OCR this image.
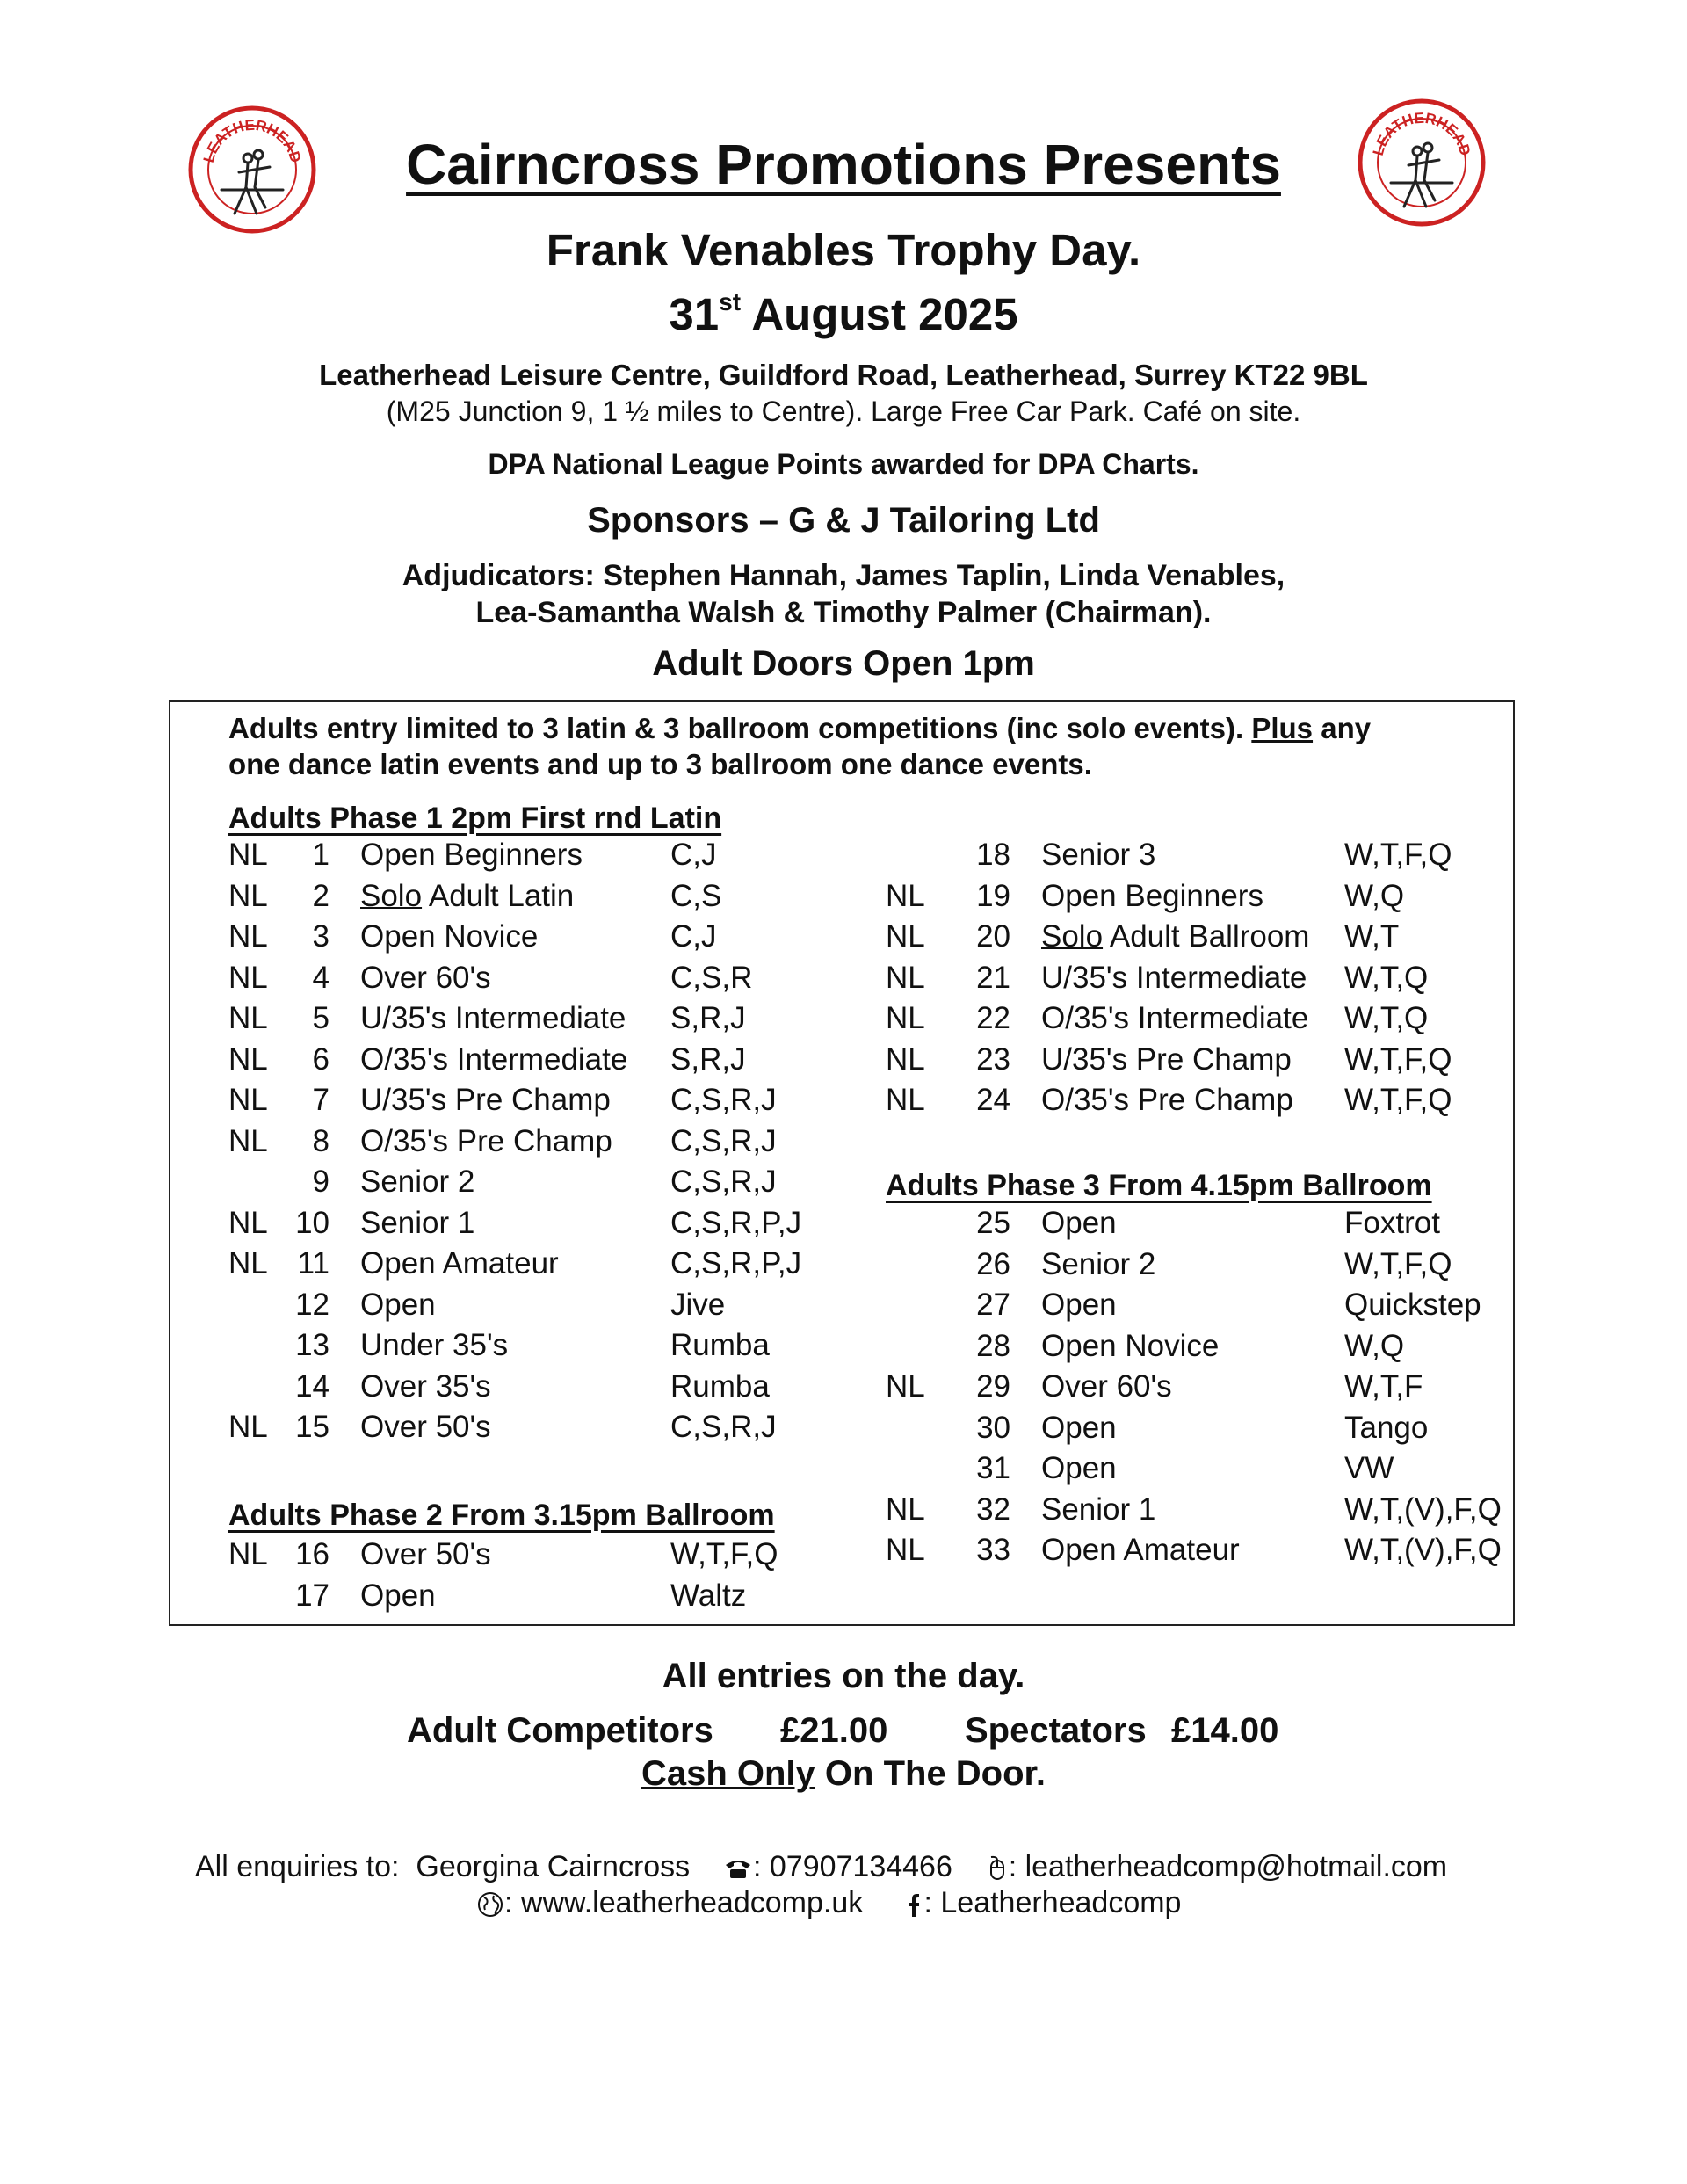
LEATHERHEAD	LEATHERHEAD
Cairncross Promotions Presents
Frank Venables Trophy Day.
31st August 2025
Leatherhead Leisure Centre, Guildford Road, Leatherhead, Surrey KT22 9BL
(M25 Junction 9, 1 ½ miles to Centre). Large Free Car Park. Café on site.
DPA National League Points awarded for DPA Charts.
Sponsors – G & J Tailoring Ltd
Adjudicators: Stephen Hannah, James Taplin, Linda Venables,
Lea-Samantha Walsh & Timothy Palmer (Chairman).
Adult Doors Open 1pm
Adults entry limited to 3 latin & 3 ballroom competitions (inc solo events). Plus any
one dance latin events and up to 3 ballroom one dance events.
Adults Phase 1 2pm First rnd Latin
Adults Phase 2 From 3.15pm Ballroom
Adults Phase 3 From 4.15pm Ballroom
NL 1 Open Beginners	C,J
NL 2 Solo Adult Latin	C,S
NL 3 Open Novice	C,J
NL 4 Over 60's	C,S,R
NL 5 U/35's Intermediate S,R,J
NL 6 O/35's Intermediate S,R,J
NL 7 U/35's Pre Champ C,S,R,J
NL 8 O/35's Pre Champ C,S,R,J
9 Senior 2	C,S,R,J
NL 10 Senior 1	C,S,R,P,J
NL 11 Open Amateur	C,S,R,P,J
12 Open	Jive
13 Under 35's	Rumba
14 Over 35's	Rumba
NL 15 Over 50's	C,S,R,J
NL 16 Over 50's	W,T,F,Q
17 Open	Waltz
18 Senior 3	W,T,F,Q
NL 19 Open Beginners	W,Q
NL 20 Solo Adult Ballroom W,T
NL 21 U/35's Intermediate W,T,Q
NL 22 O/35's Intermediate W,T,Q
NL 23 U/35's Pre Champ W,T,F,Q
NL 24 O/35's Pre Champ W,T,F,Q
25 Open	Foxtrot
26 Senior 2	W,T,F,Q
27 Open	Quickstep
28 Open Novice	W,Q
NL 29 Over 60's	W,T,F
30 Open	Tango
31 Open	VW
NL 32 Senior 1	W,T,(V),F,Q
NL 33 Open Amateur	W,T,(V),F,Q
All entries on the day.
Adult Competitors £21.00 Spectators £14.00
Cash Only On The Door.
All enquiries to: Georgina Cairncross : 07907134466 : leatherheadcomp@hotmail.com
: www.leatherheadcomp.uk : Leatherheadcomp
